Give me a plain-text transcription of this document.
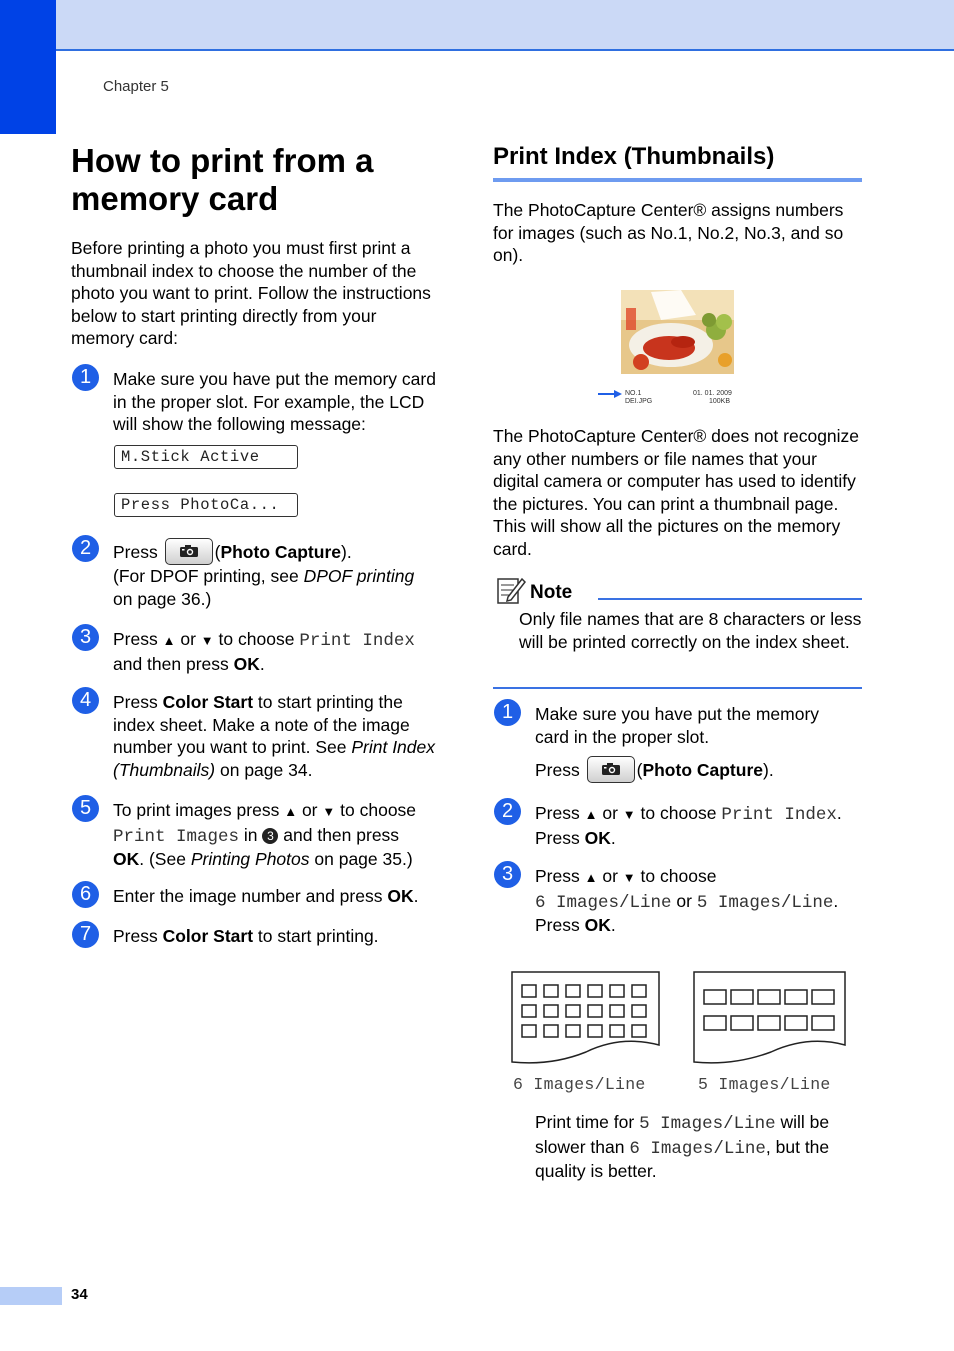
Chapter 5
How to print from a memory card
Before printing a photo you must first print a thumbnail index to choose the number of the photo you want to print. Follow the instructions below to start printing directly from your memory card:
1	Make sure you have put the memory card in the proper slot. For example, the LCD will show the following message:
M.Stick Active
Press PhotoCa...
2	Press	(Photo Capture).
(For DPOF printing, see DPOF printing
on page 36.)
3	Press ▲ or ▼ to choose Print Index
and then press OK.
4	Press Color Start to start printing the index sheet. Make a note of the image number you want to print. See Print Index (Thumbnails) on page 34.
5	To print images press ▲ or ▼ to choose
Print Images in 3 and then press
OK. (See Printing Photos on page 35.)
6	Enter the image number and press OK.
7	Press Color Start to start printing.
Print Index (Thumbnails)
The PhotoCapture Center® assigns numbers for images (such as No.1, No.2, No.3, and so on).
NO.1
DEI.JPG
01. 01. 2009
100KB
The PhotoCapture Center® does not recognize any other numbers or file names that your digital camera or computer has used to identify the pictures. You can print a thumbnail page. This will show all the pictures on the memory card.
Note
Only file names that are 8 characters or less will be printed correctly on the index sheet.
1	Make sure you have put the memory card in the proper slot.
Press	(Photo Capture).
2	Press ▲ or ▼ to choose Print Index.
Press OK.
3	Press ▲ or ▼ to choose
6 Images/Line or 5 Images/Line.
Press OK.
6 Images/Line	5 Images/Line
Print time for 5 Images/Line will be slower than 6 Images/Line, but the quality is better.
34
